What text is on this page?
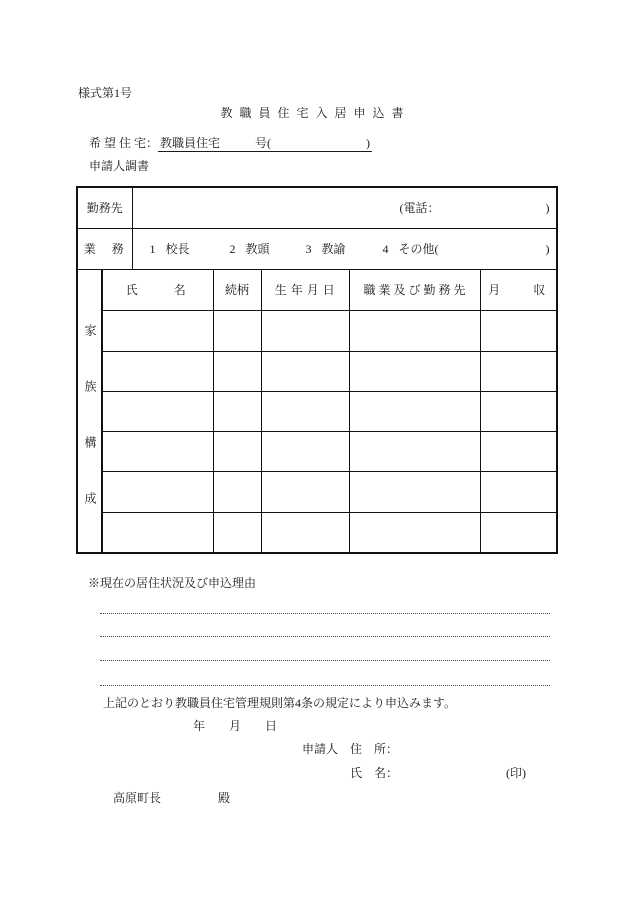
様式第1号
教 職 員 住 宅 入 居 申 込 書
希 望 住 宅： 教職員住宅	号(	)
申請人調書
勤務先		(電話： )				

業　務		1 校長 2 教頭 3 教諭 4 その他( )				

家族構成	氏　　名		続柄	生 年 月 日	職 業 及 び 勤 務 先	月　　収

※現在の居住状況及び申込理由
上記のとおり教職員住宅管理規則第4条の規定により申込みます。
年　　月　　日
申請人　住　所：
氏　名：	(印)
高原町長	殿
